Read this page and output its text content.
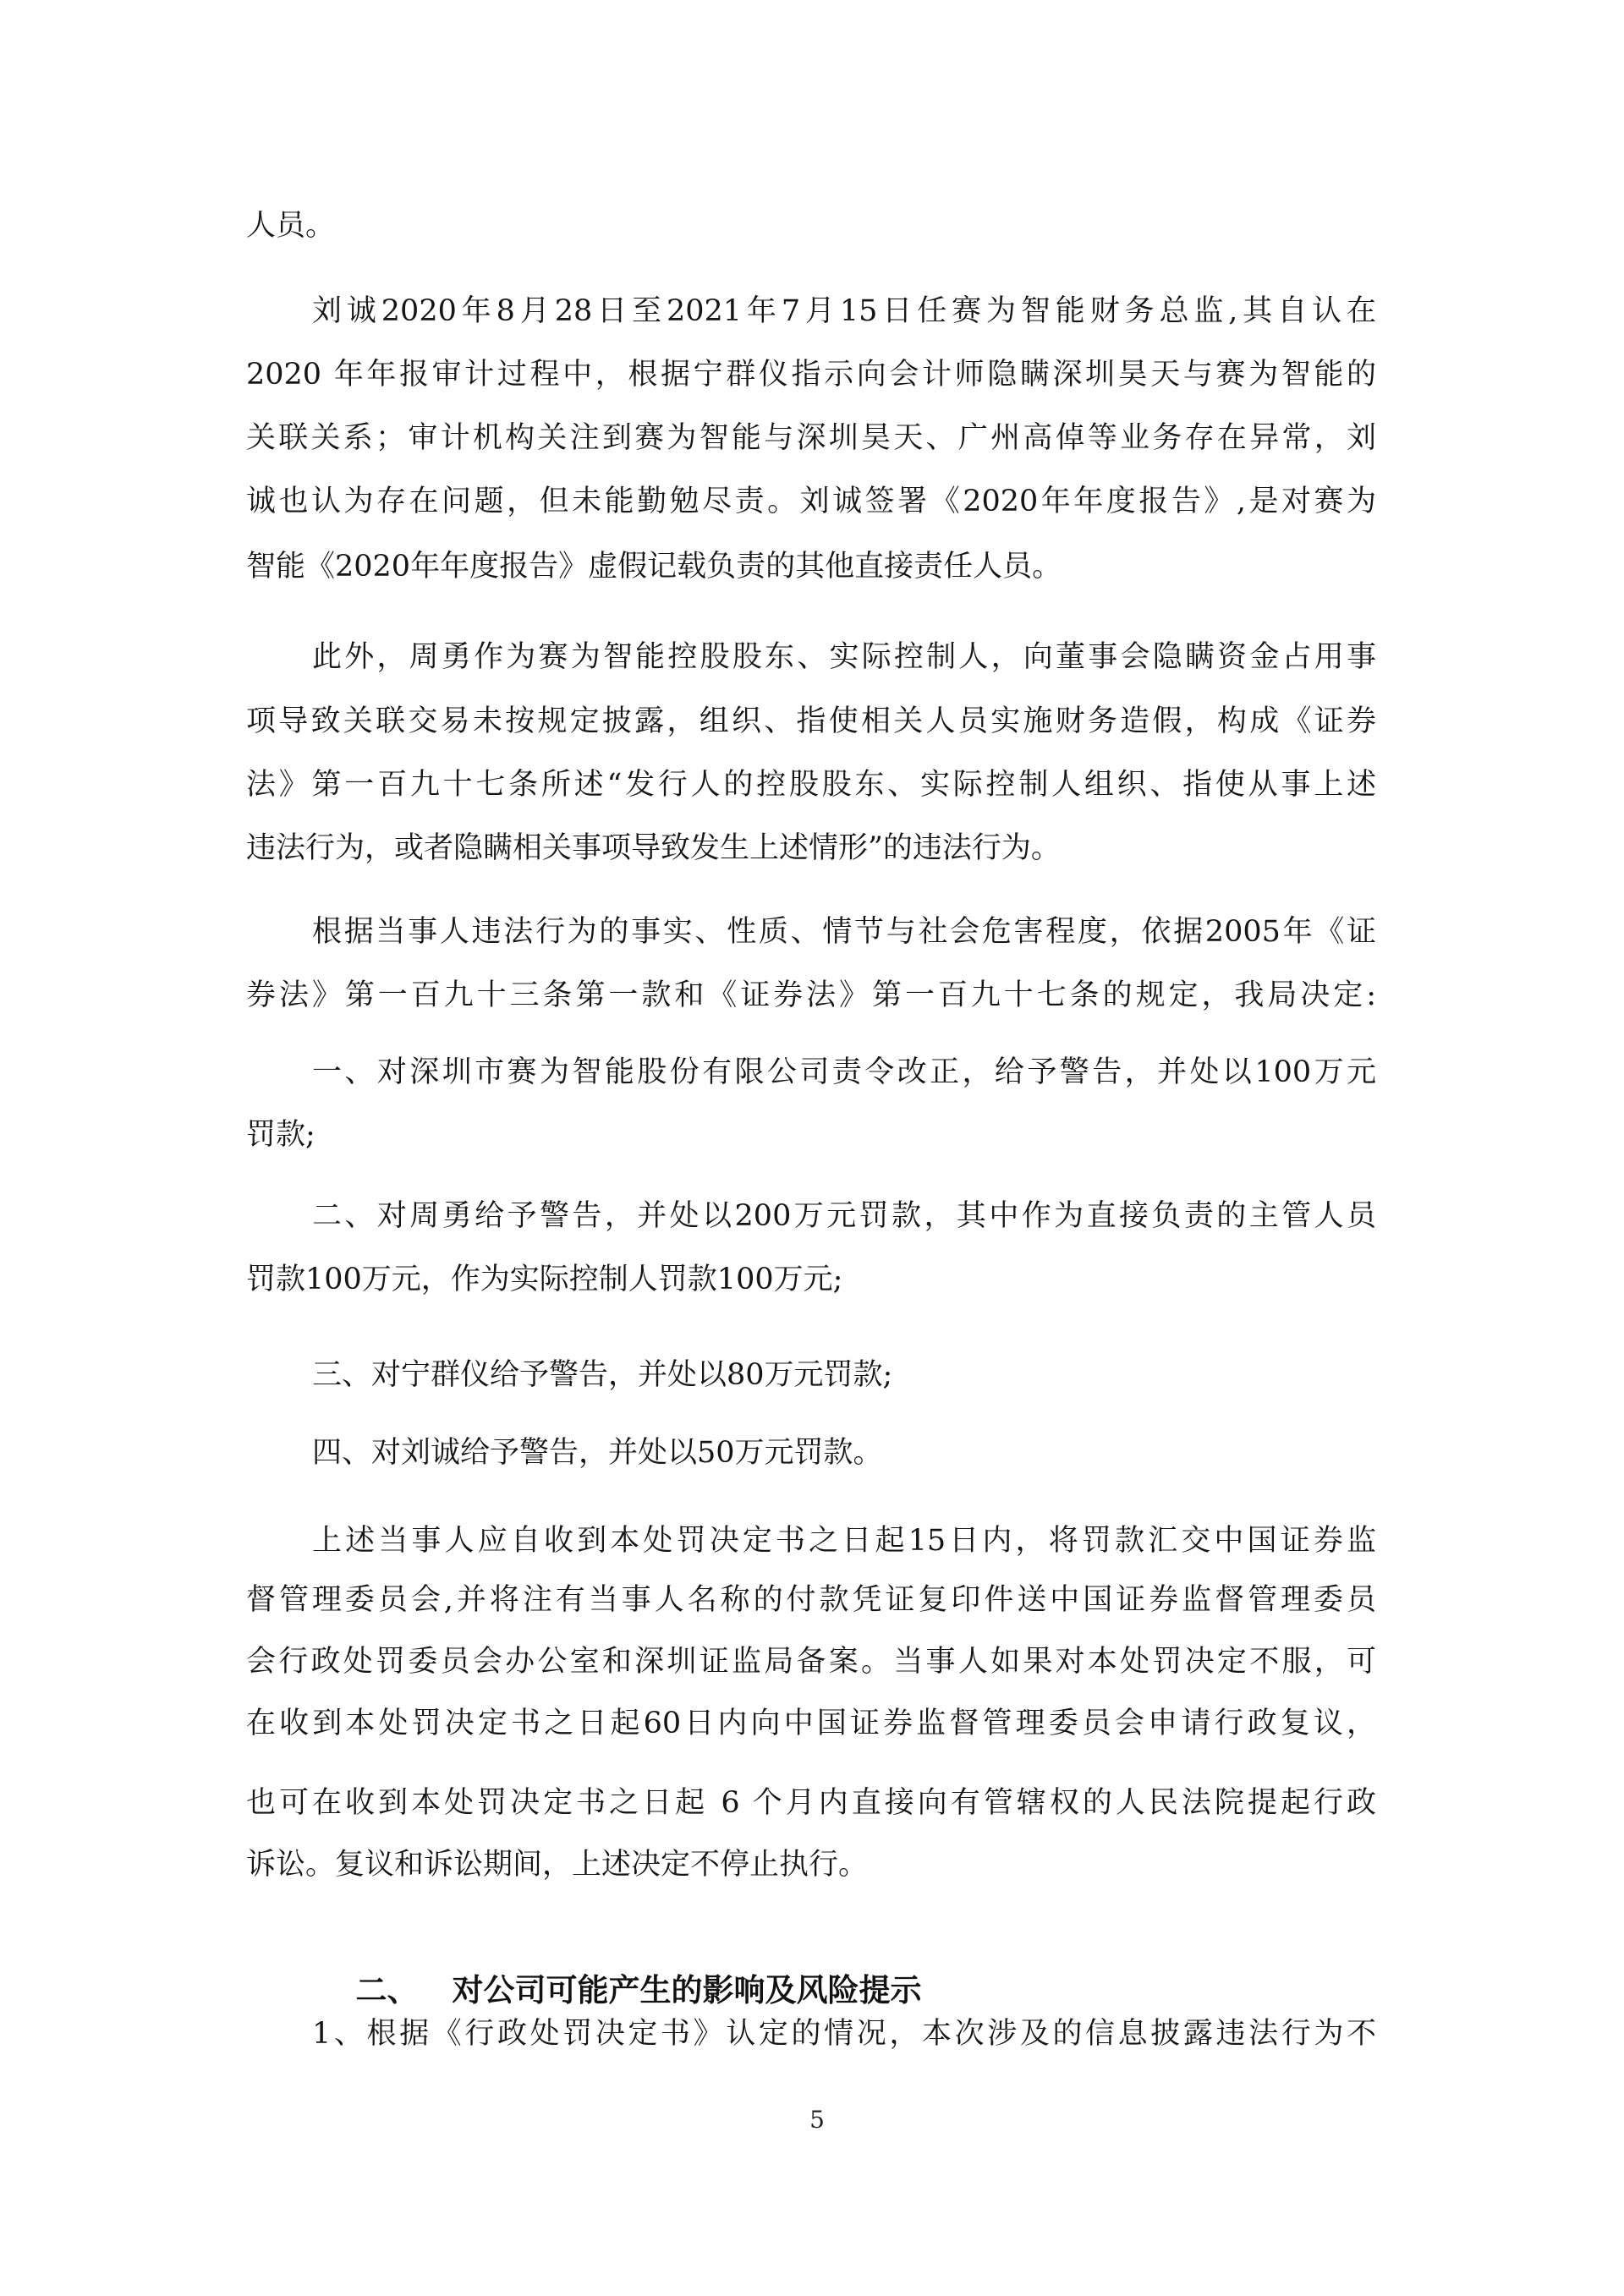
人员。
刘诚2020年8月28日至2021年7月15日任赛为智能财务总监,其自认在
2020 年年报审计过程中，根据宁群仪指示向会计师隐瞒深圳昊天与赛为智能的
关联关系；审计机构关注到赛为智能与深圳昊天、广州高倬等业务存在异常，刘
诚也认为存在问题，但未能勤勉尽责。刘诚签署《2020年年度报告》,是对赛为
智能《2020年年度报告》虚假记载负责的其他直接责任人员。
此外，周勇作为赛为智能控股股东、实际控制人，向董事会隐瞒资金占用事
项导致关联交易未按规定披露，组织、指使相关人员实施财务造假，构成《证券
法》第一百九十七条所述“发行人的控股股东、实际控制人组织、指使从事上述
违法行为，或者隐瞒相关事项导致发生上述情形”的违法行为。
根据当事人违法行为的事实、性质、情节与社会危害程度，依据2005年《证
券法》第一百九十三条第一款和《证券法》第一百九十七条的规定，我局决定:
一、对深圳市赛为智能股份有限公司责令改正，给予警告，并处以100万元
罚款;
二、对周勇给予警告，并处以200万元罚款，其中作为直接负责的主管人员
罚款100万元，作为实际控制人罚款100万元;
三、对宁群仪给予警告，并处以80万元罚款;
四、对刘诚给予警告，并处以50万元罚款。
上述当事人应自收到本处罚决定书之日起15日内，将罚款汇交中国证券监
督管理委员会,并将注有当事人名称的付款凭证复印件送中国证券监督管理委员
会行政处罚委员会办公室和深圳证监局备案。当事人如果对本处罚决定不服，可
在收到本处罚决定书之日起60日内向中国证券监督管理委员会申请行政复议，
也可在收到本处罚决定书之日起 6 个月内直接向有管辖权的人民法院提起行政
诉讼。复议和诉讼期间，上述决定不停止执行。

二、 对公司可能产生的影响及风险提示

1、根据《行政处罚决定书》认定的情况，本次涉及的信息披露违法行为不
5
